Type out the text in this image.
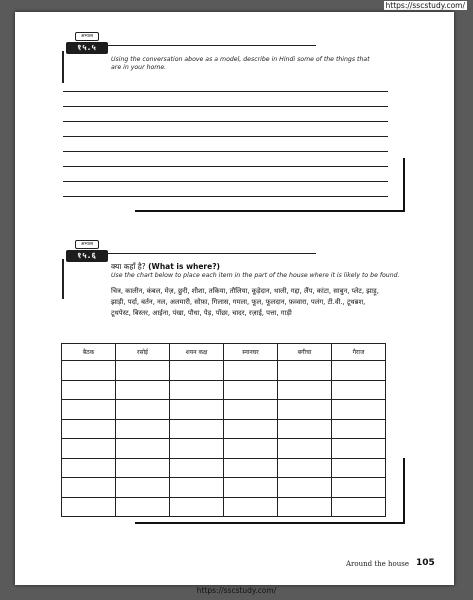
https://sscstudy.com/
अभ्यास
१५.५
Using the conversation above as a model, describe in Hindi some of the things that are in your home.
अभ्यास
१५.६
क्या कहाँ है? (What is where?)
Use the chart below to place each item in the part of the house where it is likely to be found.
चित्र, कालीन, कंबल, मेज़, छुरी, शीशा, तकिया, तौलिया, कूड़ेदान, थाली, गद्दा, लैंप, कांटा, साबुन, प्लेट, झाड़ू, झाड़ी, पर्दा, बर्तन, नल, अलमारी, सोफ़ा, गिलास, गमला, फूल, फूलदान, फ़व्वारा, पलंग, टी.वी., टूथब्रश, टूथपेस्ट, बिस्तर, आईना, पंखा, पौधा, पेड़, पोंछा, चादर, रज़ाई, पत्ता, गाड़ी
बैठक	रसोई	शयन कक्ष	स्नानघर	बगीचा	गैराज

Around the house 105
https://sscstudy.com/
